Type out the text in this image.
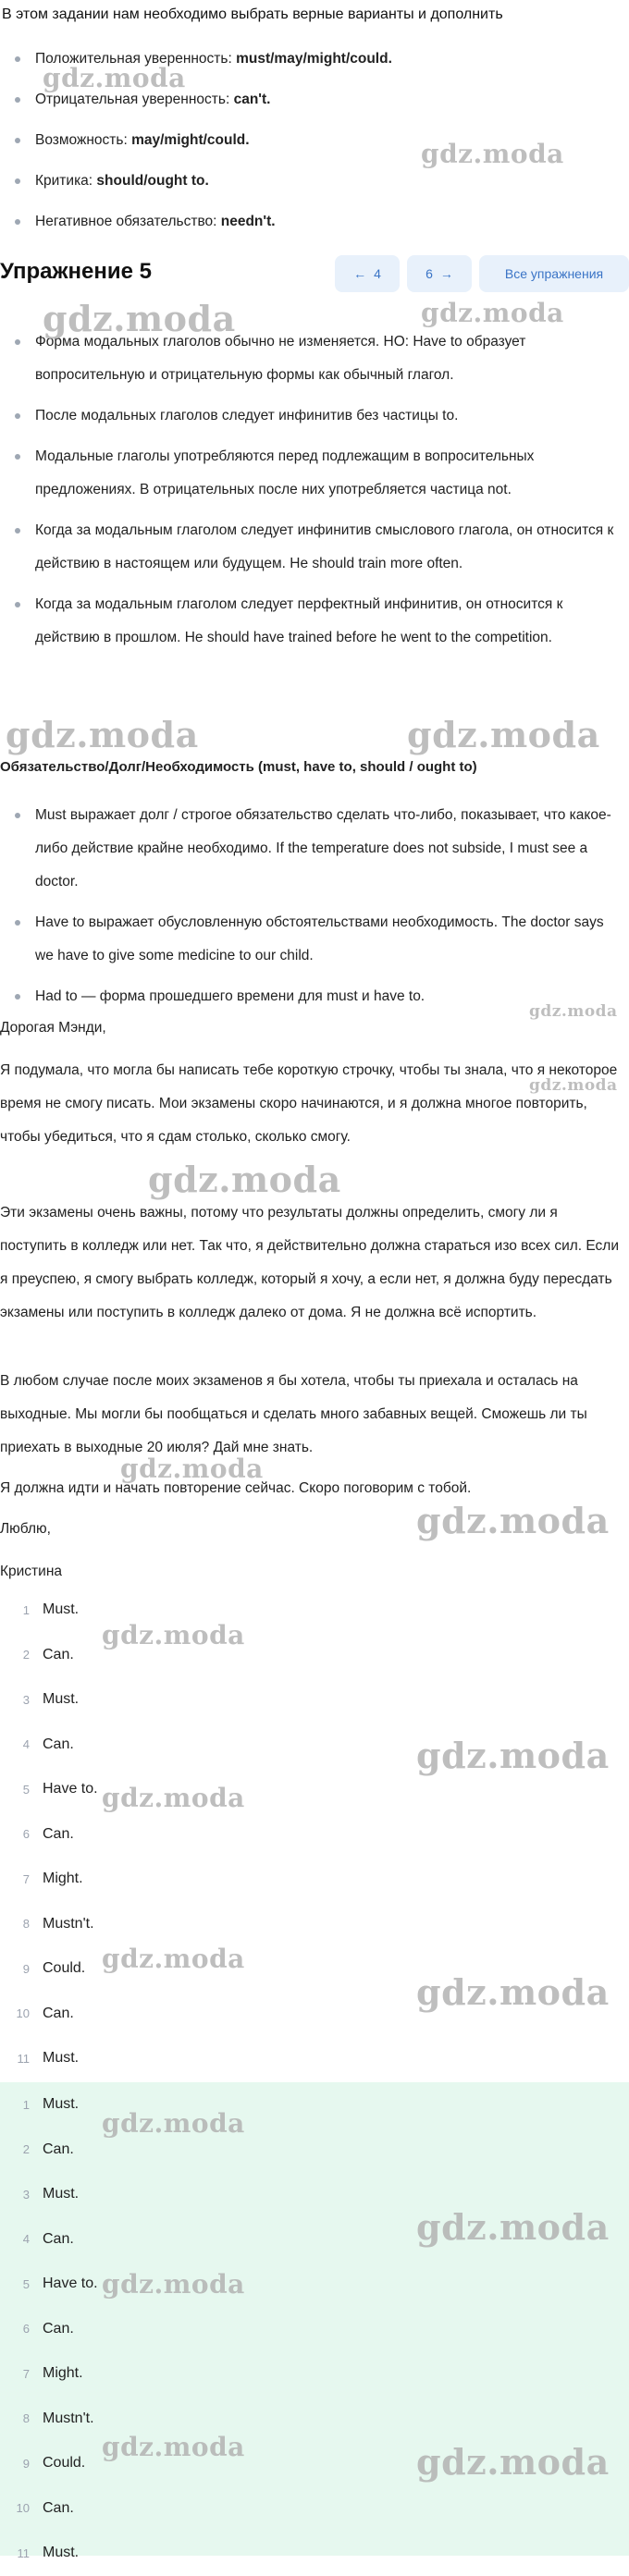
В этом задании нам необходимо выбрать верные варианты и дополнить
Положительная уверенность: must/may/might/could.
Отрицательная уверенность: can't.
Возможность: may/might/could.
Критика: should/ought to.
Негативное обязательство: needn't.
Упражнение 5	← 4	6 →	Все упражнения
Форма модальных глаголов обычно не изменяется. НО: Have to образует вопросительную и отрицательную формы как обычный глагол.
После модальных глаголов следует инфинитив без частицы to.
Модальные глаголы употребляются перед подлежащим в вопросительных предложениях. В отрицательных после них употребляется частица not.
Когда за модальным глаголом следует инфинитив смыслового глагола, он относится к действию в настоящем или будущем. He should train more often.
Когда за модальным глаголом следует перфектный инфинитив, он относится к действию в прошлом. He should have trained before he went to the competition.
Обязательство/Долг/Необходимость (must, have to, should / ought to)
Must выражает долг / строгое обязательство сделать что-либо, показывает, что какое-либо действие крайне необходимо. If the temperature does not subside, I must see a doctor.
Have to выражает обусловленную обстоятельствами необходимость. The doctor says we have to give some medicine to our child.
Had to — форма прошедшего времени для must и have to.
Дорогая Мэнди,
Я подумала, что могла бы написать тебе короткую строчку, чтобы ты знала, что я некоторое время не смогу писать. Мои экзамены скоро начинаются, и я должна многое повторить, чтобы убедиться, что я сдам столько, сколько смогу.
Эти экзамены очень важны, потому что результаты должны определить, смогу ли я поступить в колледж или нет. Так что, я действительно должна стараться изо всех сил. Если я преуспею, я смогу выбрать колледж, который я хочу, а если нет, я должна буду пересдать экзамены или поступить в колледж далеко от дома. Я не должна всё испортить.
В любом случае после моих экзаменов я бы хотела, чтобы ты приехала и осталась на выходные. Мы могли бы пообщаться и сделать много забавных вещей. Сможешь ли ты приехать в выходные 20 июля? Дай мне знать.
Я должна идти и начать повторение сейчас. Скоро поговорим с тобой.
Люблю,
Кристина
1 Must.
2 Can.
3 Must.
4 Can.
5 Have to.
6 Can.
7 Might.
8 Mustn't.
9 Could.
10 Can.
11 Must.
1 Must.
2 Can.
3 Must.
4 Can.
5 Have to.
6 Can.
7 Might.
8 Mustn't.
9 Could.
10 Can.
11 Must.
gdz.moda
gdz.moda
gdz.moda	gdz.moda
gdz.moda	gdz.moda
gdz.moda
gdz.moda
gdz.moda
gdz.moda
gdz.moda
gdz.moda
gdz.moda
gdz.moda
gdz.moda
gdz.moda
gdz.moda
gdz.moda
gdz.moda
gdz.moda	gdz.moda
